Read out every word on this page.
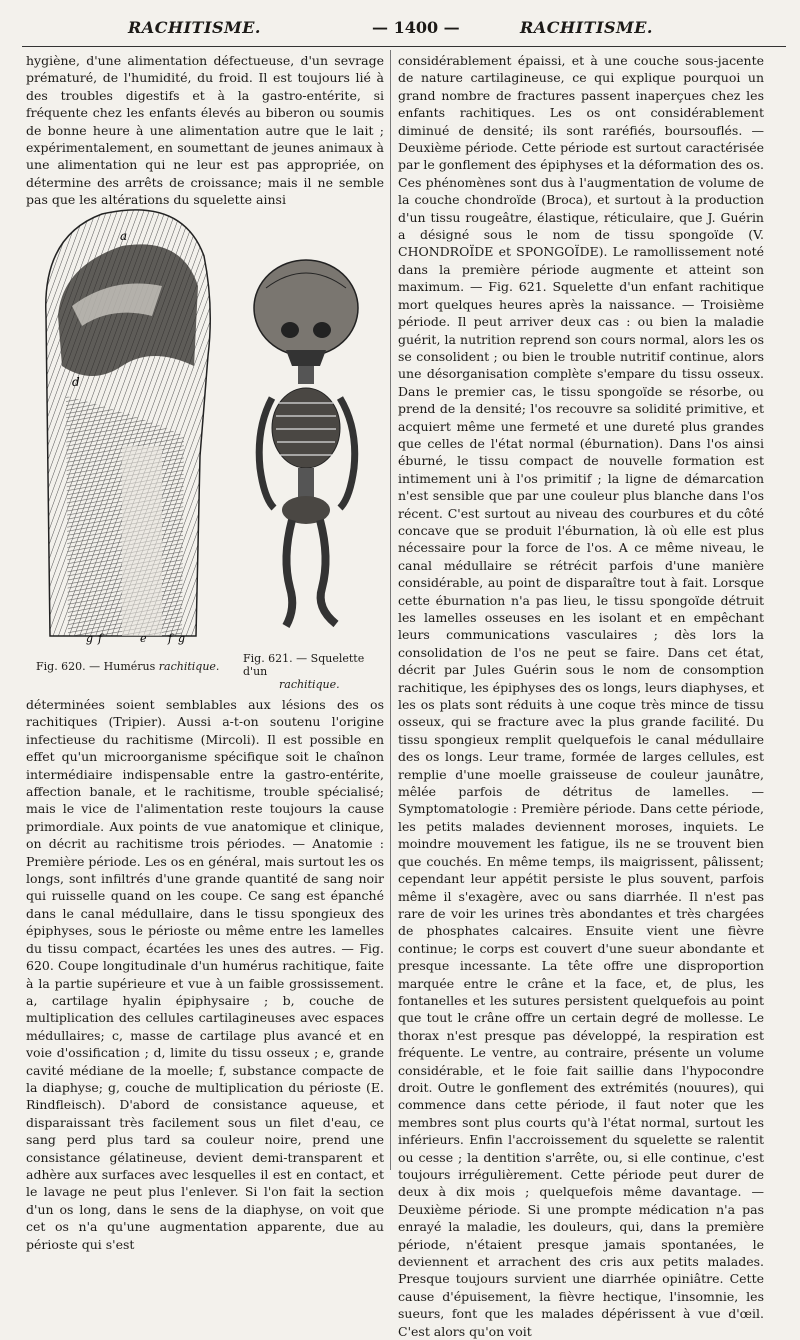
RACHITISME.	— 1400 —	RACHITISME.

hygiène, d'une alimentation défectueuse, d'un sevrage prématuré, de l'humidité, du froid. Il est toujours lié à des troubles digestifs et à la gastro-entérite, si fréquente chez les enfants élevés au biberon ou soumis de bonne heure à une alimentation autre que le lait ; expérimentalement, en soumettant de jeunes animaux à une alimentation qui ne leur est pas appropriée, on détermine des arrêts de croissance; mais il ne semble pas que les altérations du squelette ainsi

a
d
g f	e f g
Fig. 620. — Humérus rachitique.
Fig. 621. — Squelette d'un
rachitique.

déterminées soient semblables aux lésions des os rachitiques (Tripier). Aussi a-t-on soutenu l'origine infectieuse du rachitisme (Mircoli). Il est possible en effet qu'un microorganisme spécifique soit le chaînon intermédiaire indispensable entre la gastro-entérite, affection banale, et le rachitisme, trouble spécialisé; mais le vice de l'alimentation reste toujours la cause primordiale. Aux points de vue anatomique et clinique, on décrit au rachitisme trois périodes. — Anatomie : Première période. Les os en général, mais surtout les os longs, sont infiltrés d'une grande quantité de sang noir qui ruisselle quand on les coupe. Ce sang est épanché dans le canal médullaire, dans le tissu spongieux des épiphyses, sous le périoste ou même entre les lamelles du tissu compact, écartées les unes des autres. — Fig. 620. Coupe longitudinale d'un humérus rachitique, faite à la partie supérieure et vue à un faible grossissement. a, cartilage hyalin épiphysaire ; b, couche de multiplication des cellules cartilagineuses avec espaces médullaires; c, masse de cartilage plus avancé et en voie d'ossification ; d, limite du tissu osseux ; e, grande cavité médiane de la moelle; f, substance compacte de la diaphyse; g, couche de multiplication du périoste (E. Rindfleisch). D'abord de consistance aqueuse, et disparaissant très facilement sous un filet d'eau, ce sang perd plus tard sa couleur noire, prend une consistance gélatineuse, devient demi-transparent et adhère aux surfaces avec lesquelles il est en contact, et le lavage ne peut plus l'enlever. Si l'on fait la section d'un os long, dans le sens de la diaphyse, on voit que cet os n'a qu'une augmentation apparente, due au périoste qui s'est

considérablement épaissi, et à une couche sous-jacente de nature cartilagineuse, ce qui explique pourquoi un grand nombre de fractures passent inaperçues chez les enfants rachitiques. Les os ont considérablement diminué de densité; ils sont raréfiés, boursouflés. — Deuxième période. Cette période est surtout caractérisée par le gonflement des épiphyses et la déformation des os. Ces phénomènes sont dus à l'augmentation de volume de la couche chondroïde (Broca), et surtout à la production d'un tissu rougeâtre, élastique, réticulaire, que J. Guérin a désigné sous le nom de tissu spongoïde (V. CHONDROÏDE et SPONGOÏDE). Le ramollissement noté dans la première période augmente et atteint son maximum. — Fig. 621. Squelette d'un enfant rachitique mort quelques heures après la naissance. — Troisième période. Il peut arriver deux cas : ou bien la maladie guérit, la nutrition reprend son cours normal, alors les os se consolident ; ou bien le trouble nutritif continue, alors une désorganisation complète s'empare du tissu osseux. Dans le premier cas, le tissu spongoïde se résorbe, ou prend de la densité; l'os recouvre sa solidité primitive, et acquiert même une fermeté et une dureté plus grandes que celles de l'état normal (éburnation). Dans l'os ainsi éburné, le tissu compact de nouvelle formation est intimement uni à l'os primitif ; la ligne de démarcation n'est sensible que par une couleur plus blanche dans l'os récent. C'est surtout au niveau des courbures et du côté concave que se produit l'éburnation, là où elle est plus nécessaire pour la force de l'os. A ce même niveau, le canal médullaire se rétrécit parfois d'une manière considérable, au point de disparaître tout à fait. Lorsque cette éburnation n'a pas lieu, le tissu spongoïde détruit les lamelles osseuses en les isolant et en empêchant leurs communications vasculaires ; dès lors la consolidation de l'os ne peut se faire. Dans cet état, décrit par Jules Guérin sous le nom de consomption rachitique, les épiphyses des os longs, leurs diaphyses, et les os plats sont réduits à une coque très mince de tissu osseux, qui se fracture avec la plus grande facilité. Du tissu spongieux remplit quelquefois le canal médullaire des os longs. Leur trame, formée de larges cellules, est remplie d'une moelle graisseuse de couleur jaunâtre, mêlée parfois de détritus de lamelles. — Symptomatologie : Première période. Dans cette période, les petits malades deviennent moroses, inquiets. Le moindre mouvement les fatigue, ils ne se trouvent bien que couchés. En même temps, ils maigrissent, pâlissent; cependant leur appétit persiste le plus souvent, parfois même il s'exagère, avec ou sans diarrhée. Il n'est pas rare de voir les urines très abondantes et très chargées de phosphates calcaires. Ensuite vient une fièvre continue; le corps est couvert d'une sueur abondante et presque incessante. La tête offre une disproportion marquée entre le crâne et la face, et, de plus, les fontanelles et les sutures persistent quelquefois au point que tout le crâne offre un certain degré de mollesse. Le thorax n'est presque pas développé, la respiration est fréquente. Le ventre, au contraire, présente un volume considérable, et le foie fait saillie dans l'hypocondre droit. Outre le gonflement des extrémités (nouures), qui commence dans cette période, il faut noter que les membres sont plus courts qu'à l'état normal, surtout les inférieurs. Enfin l'accroissement du squelette se ralentit ou cesse ; la dentition s'arrête, ou, si elle continue, c'est toujours irrégulièrement. Cette période peut durer de deux à dix mois ; quelquefois même davantage. — Deuxième période. Si une prompte médication n'a pas enrayé la maladie, les douleurs, qui, dans la première période, n'étaient presque jamais spontanées, le deviennent et arrachent des cris aux petits malades. Presque toujours survient une diarrhée opiniâtre. Cette cause d'épuisement, la fièvre hectique, l'insomnie, les sueurs, font que les malades dépérissent à vue d'œil. C'est alors qu'on voit
